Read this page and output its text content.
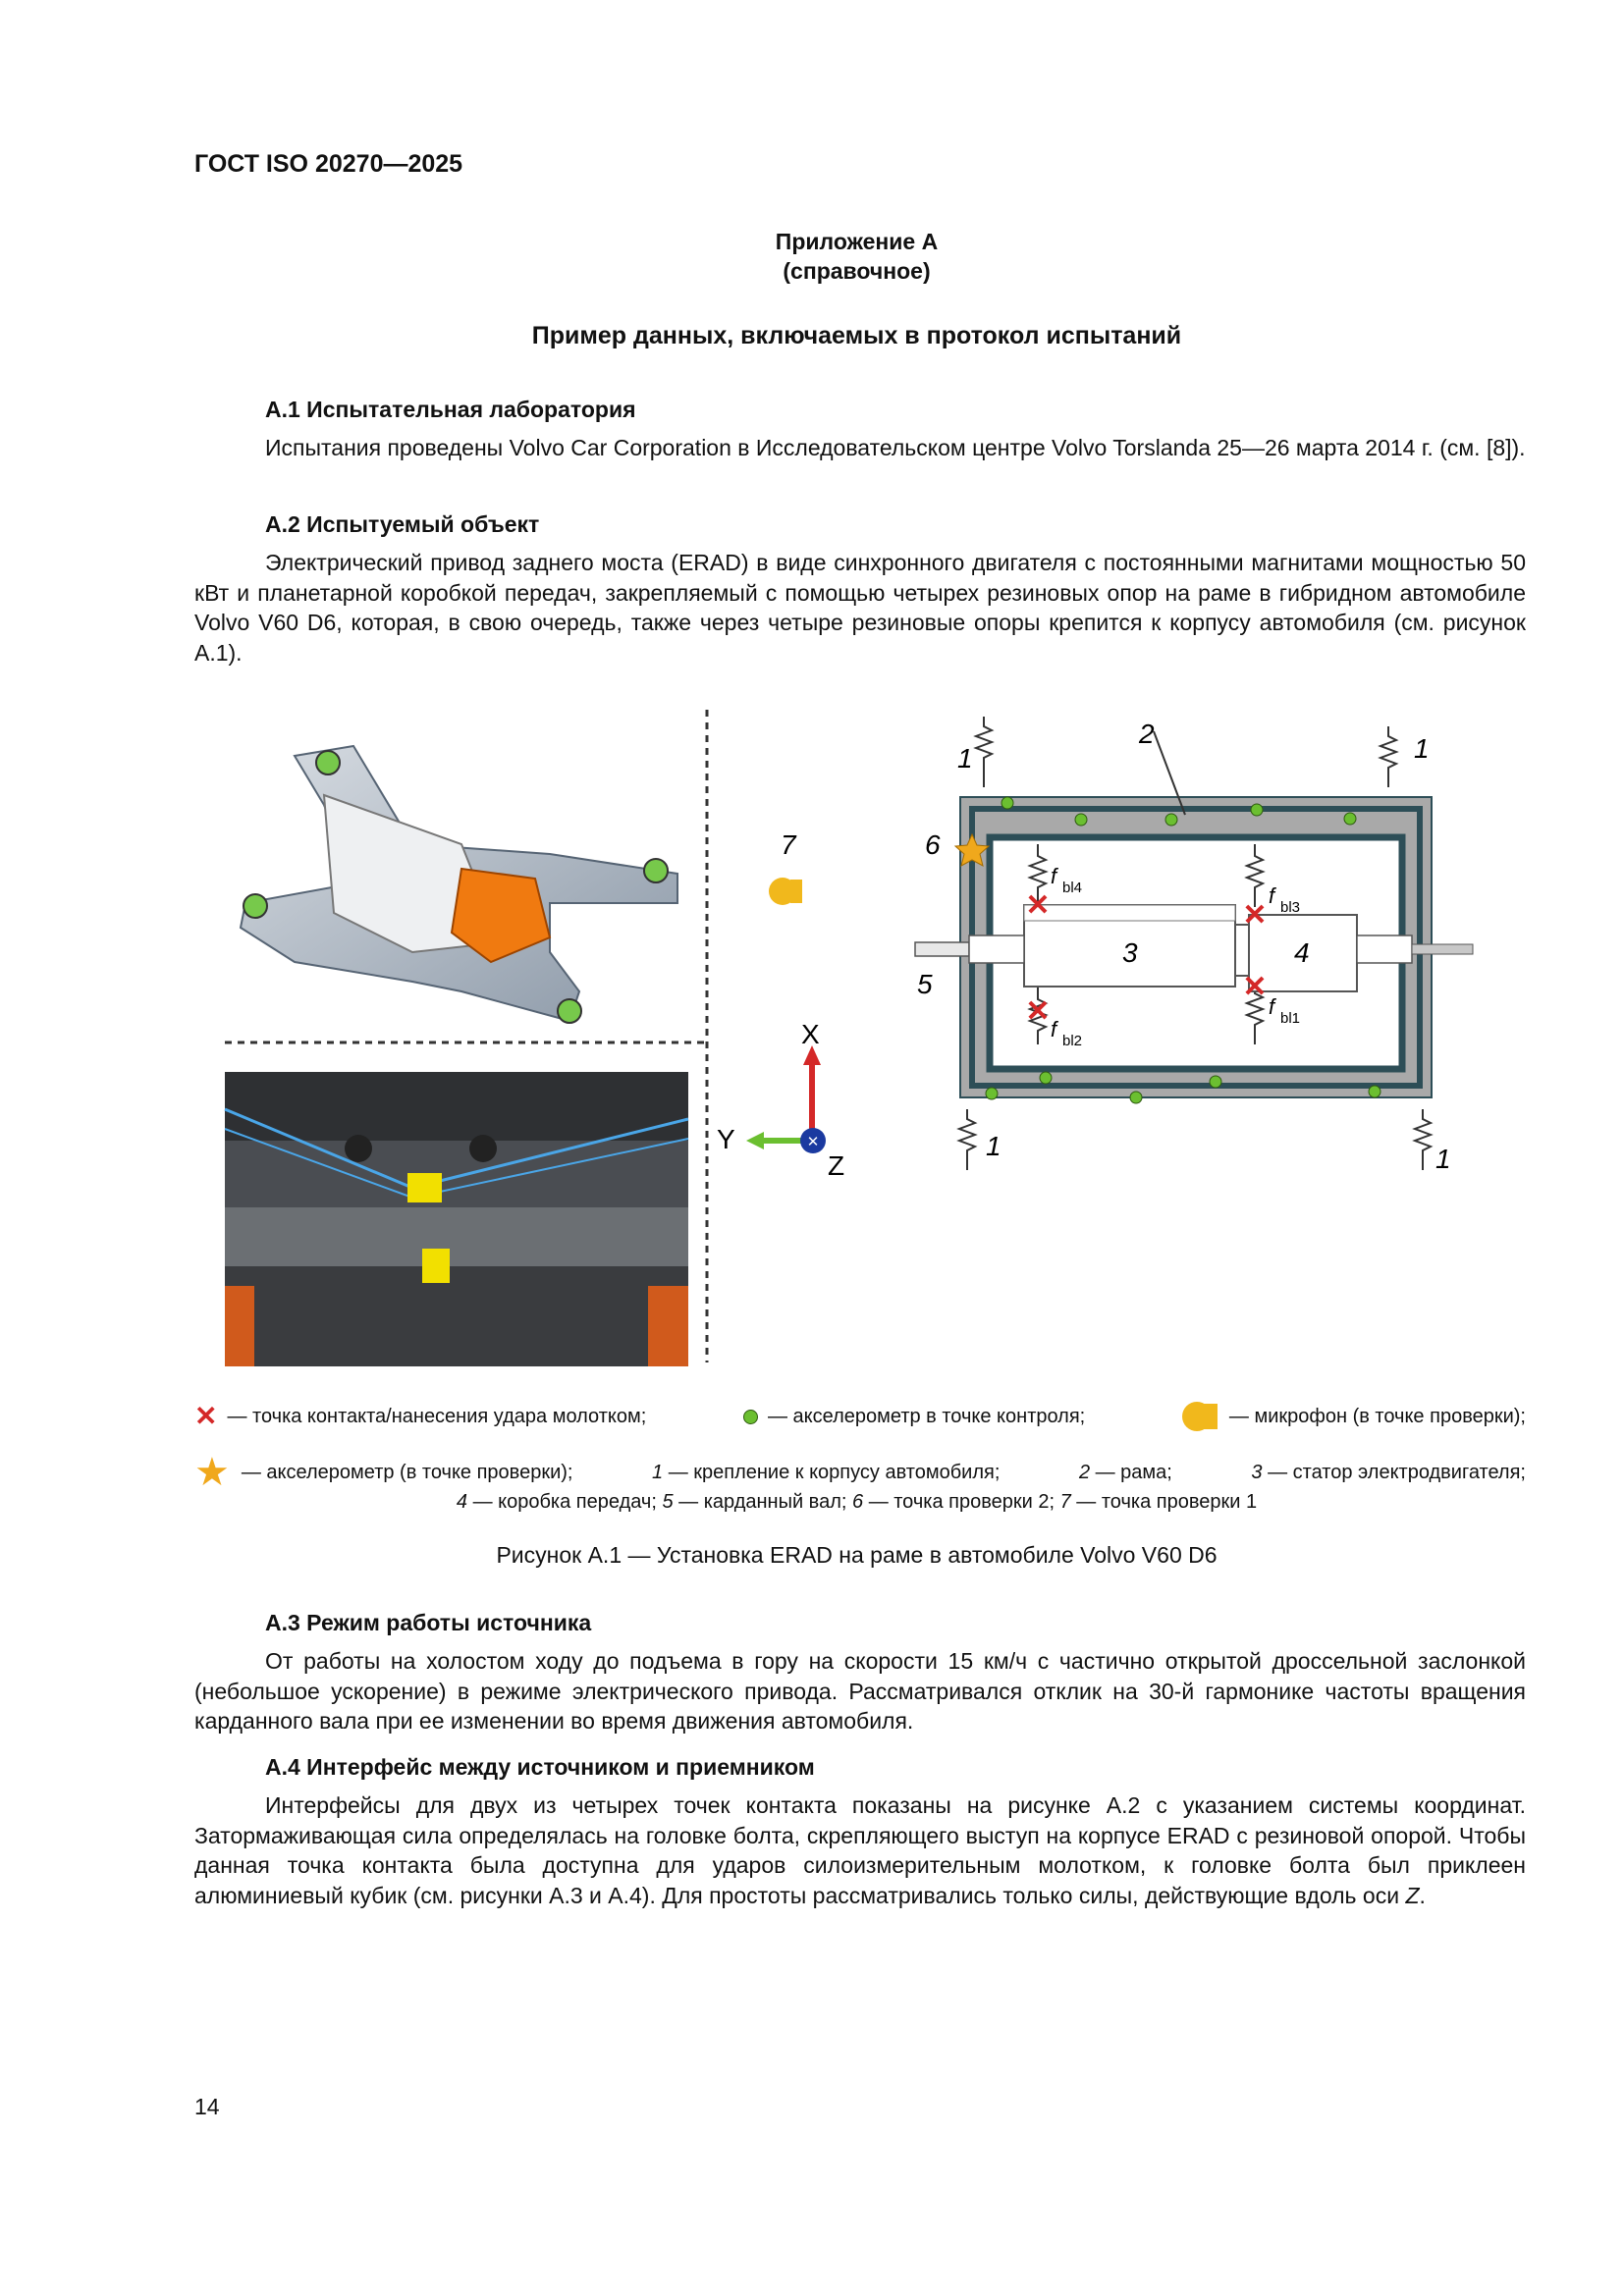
ГОСТ ISO 20270—2025
Приложение А
(справочное)
Пример данных, включаемых в протокол испытаний
А.1 Испытательная лаборатория

Испытания проведены Volvo Car Corporation в Исследовательском центре Volvo Torslanda 25—26 марта 2014 г. (см. [8]).

А.2 Испытуемый объект

Электрический привод заднего моста (ERAD) в виде синхронного двигателя с постоянными магнитами мощностью 50 кВт и планетарной коробкой передач, закрепляемый с помощью четырех резиновых опор на раме в гибридном автомобиле Volvo V60 D6, которая, в свою очередь, также через четыре резиновые опоры крепится к корпусу автомобиля (см. рисунок А.1).

7
✕
X
Y
Z
✕	✕
✕
✕
f bl4	f bl3
f bl2
f bl1
1	1
1	1
2
3	4
5
6
✕ — точка контакта/нанесения удара молотком;	— акселерометр в точке контроля;	— микрофон (в точке проверки);
★ — акселерометр (в точке проверки);	1 — крепление к корпусу автомобиля;	2 — рама;	3 — статор электродвигателя;
4 — коробка передач; 5 — карданный вал; 6 — точка проверки 2; 7 — точка проверки 1
Рисунок А.1 — Установка ERAD на раме в автомобиле Volvo V60 D6
А.3 Режим работы источника

От работы на холостом ходу до подъема в гору на скорости 15 км/ч с частично открытой дроссельной заслонкой (небольшое ускорение) в режиме электрического привода. Рассматривался отклик на 30-й гармонике частоты вращения карданного вала при ее изменении во время движения автомобиля.

А.4 Интерфейс между источником и приемником

Интерфейсы для двух из четырех точек контакта показаны на рисунке А.2 с указанием системы координат. Затормаживающая сила определялась на головке болта, скрепляющего выступ на корпусе ERAD с резиновой опорой. Чтобы данная точка контакта была доступна для ударов силоизмерительным молотком, к головке болта был приклеен алюминиевый кубик (см. рисунки А.3 и А.4). Для простоты рассматривались только силы, действующие вдоль оси Z.

14
